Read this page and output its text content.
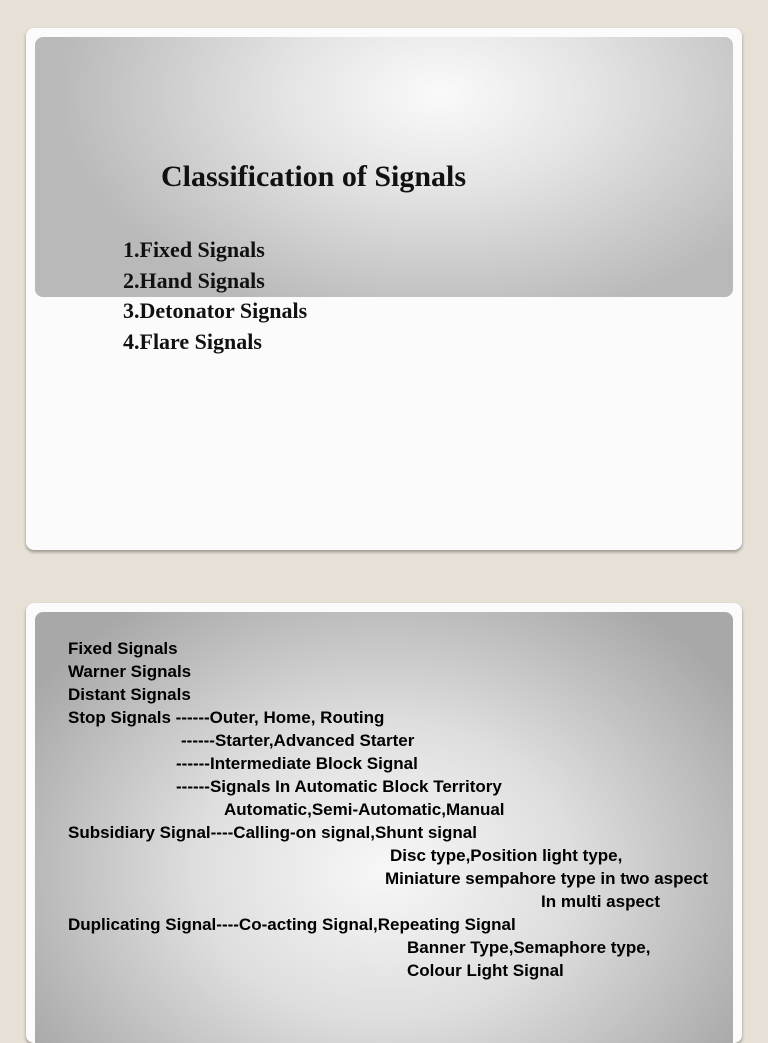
Classification of Signals
1.Fixed Signals
2.Hand Signals
3.Detonator Signals
4.Flare Signals
Fixed Signals
Warner Signals
Distant Signals
Stop Signals ------Outer, Home, Routing
------Starter,Advanced Starter
------Intermediate Block Signal
------Signals In Automatic Block Territory
Automatic,Semi-Automatic,Manual
Subsidiary Signal----Calling-on signal,Shunt signal
Disc type,Position light type,
Miniature sempahore type in two aspect
In multi aspect
Duplicating Signal----Co-acting Signal,Repeating Signal
Banner Type,Semaphore type,
Colour Light Signal
